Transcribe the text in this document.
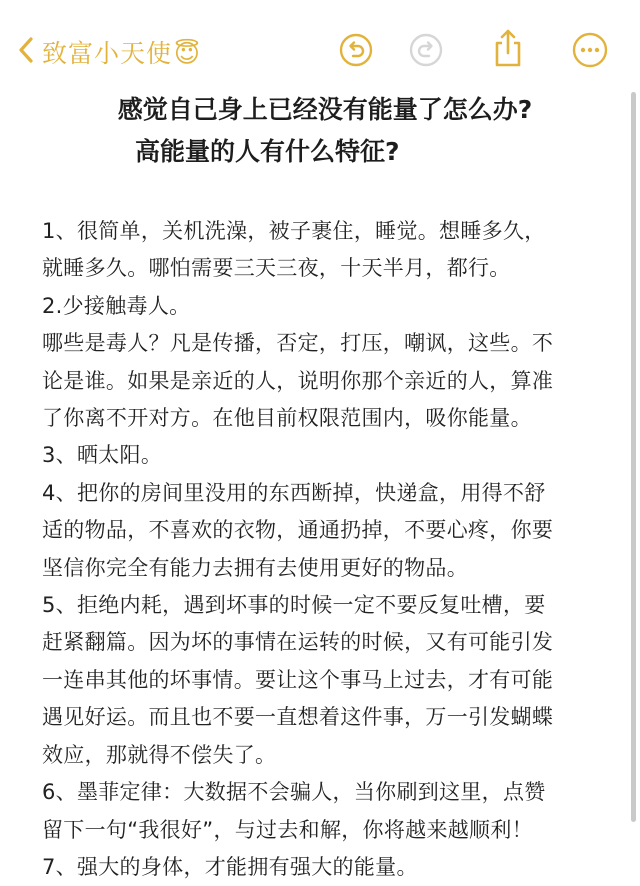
致富小天使😇
感觉自己身上已经没有能量了怎么办?
高能量的人有什么特征?

1、很简单，关机洗澡，被子裹住，睡觉。想睡多久，

就睡多久。哪怕需要三天三夜，十天半月，都行。

2.少接触毒人。

哪些是毒人？凡是传播，否定，打压，嘲讽，这些。不

论是谁。如果是亲近的人，说明你那个亲近的人，算准

了你离不开对方。在他目前权限范围内，吸你能量。

3、晒太阳。

4、把你的房间里没用的东西断掉，快递盒，用得不舒

适的物品，不喜欢的衣物，通通扔掉，不要心疼，你要

坚信你完全有能力去拥有去使用更好的物品。

5、拒绝内耗，遇到坏事的时候一定不要反复吐槽，要

赶紧翻篇。因为坏的事情在运转的时候，又有可能引发

一连串其他的坏事情。要让这个事马上过去，才有可能

遇见好运。而且也不要一直想着这件事，万一引发蝴蝶

效应，那就得不偿失了。

6、墨菲定律：大数据不会骗人，当你刷到这里，点赞

留下一句“我很好”，与过去和解，你将越来越顺利！

7、强大的身体，才能拥有强大的能量。
